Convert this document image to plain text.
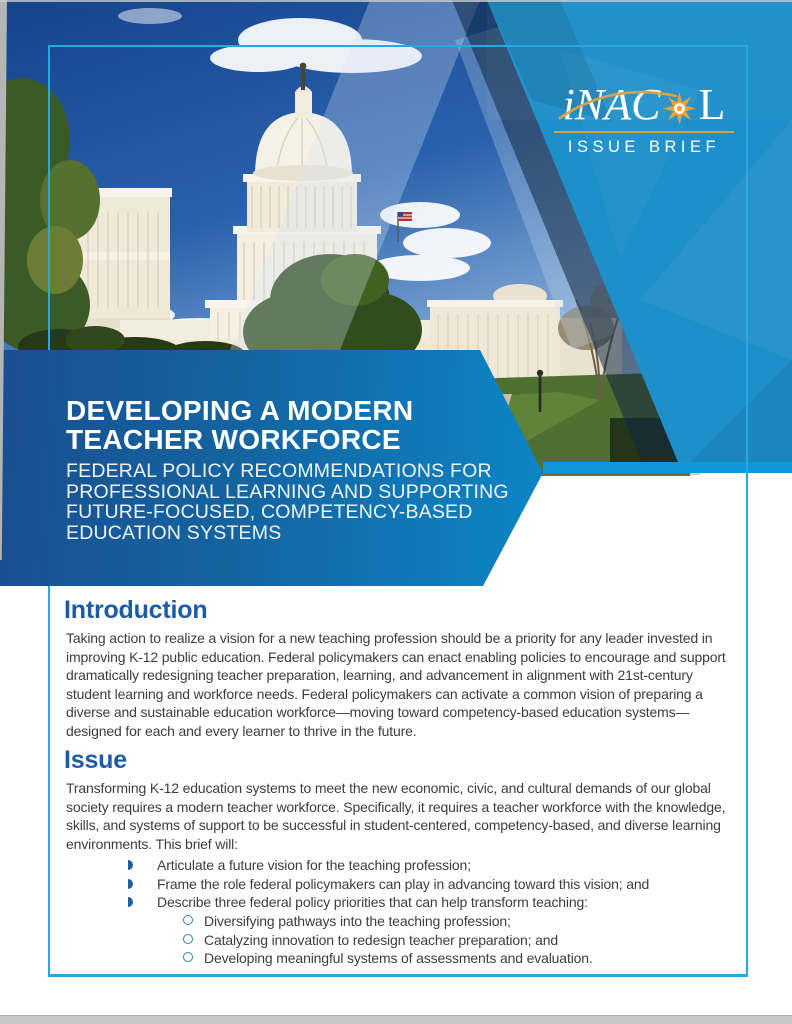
DEVELOPING A MODERN
TEACHER WORKFORCE
FEDERAL POLICY RECOMMENDATIONS FOR
PROFESSIONAL LEARNING AND SUPPORTING
FUTURE-FOCUSED, COMPETENCY-BASED
EDUCATION SYSTEMS
iNAC L
ISSUE BRIEF
Introduction
Taking action to realize a vision for a new teaching profession should be a priority for any leader invested in improving K-12 public education. Federal policymakers can enact enabling policies to encourage and support dramatically redesigning teacher preparation, learning, and advancement in alignment with 21st-century student learning and workforce needs. Federal policymakers can activate a common vision of preparing a diverse and sustainable education workforce—moving toward competency-based education systems—designed for each and every learner to thrive in the future.
Issue
Transforming K-12 education systems to meet the new economic, civic, and cultural demands of our global society requires a modern teacher workforce. Specifically, it requires a teacher workforce with the knowledge, skills, and systems of support to be successful in student-centered, competency-based, and diverse learning environments. This brief will:
Articulate a future vision for the teaching profession;
Frame the role federal policymakers can play in advancing toward this vision; and
Describe three federal policy priorities that can help transform teaching:
Diversifying pathways into the teaching profession;
Catalyzing innovation to redesign teacher preparation; and
Developing meaningful systems of assessments and evaluation.
